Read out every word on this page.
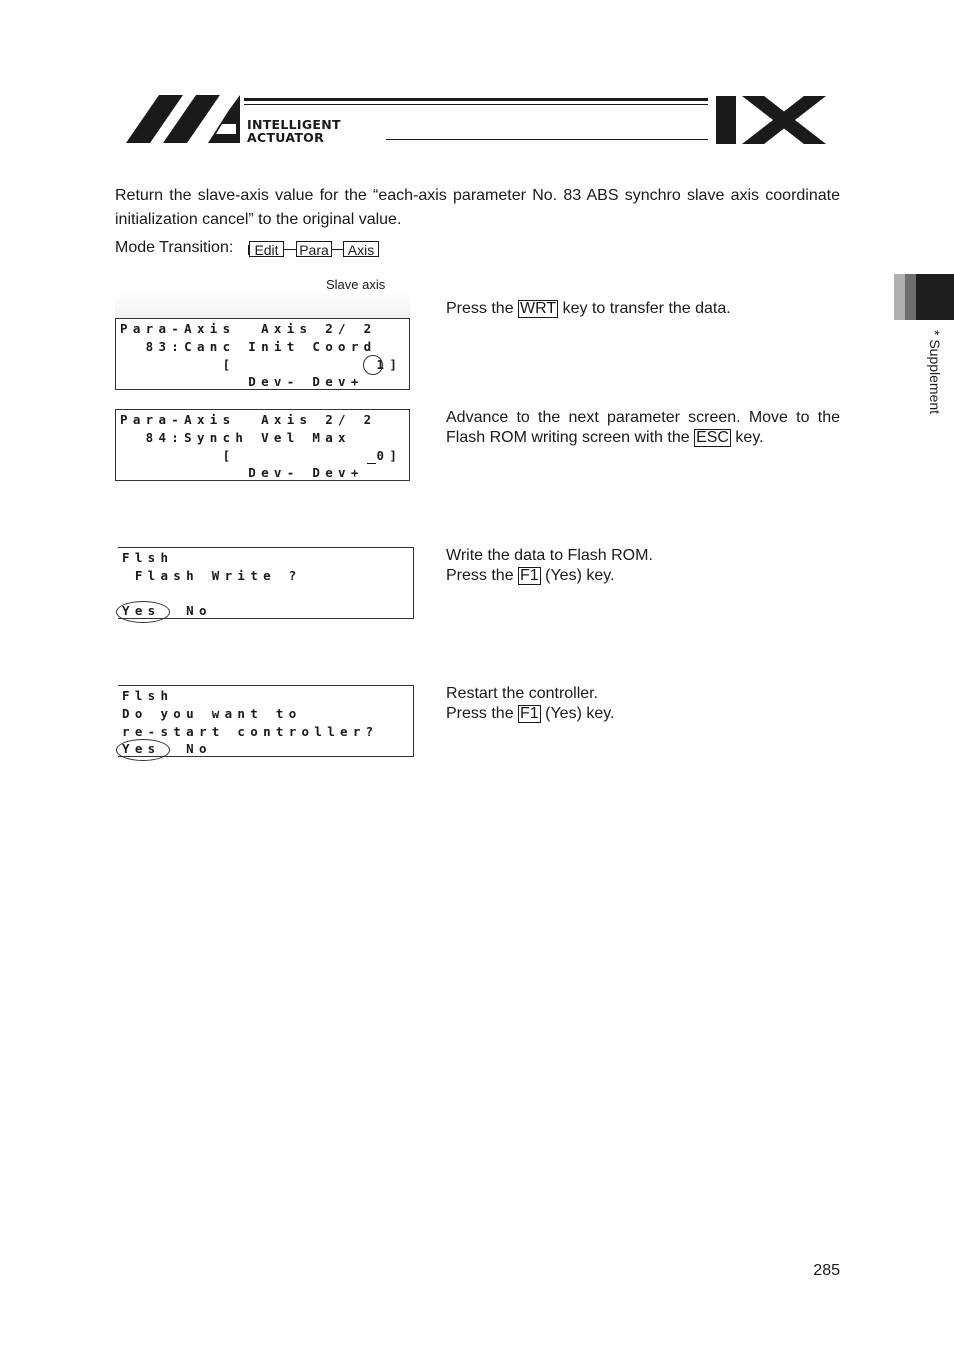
INTELLIGENT
ACTUATOR
Return the slave-axis value for the “each-axis parameter No. 83 ABS synchro slave axis coordinate initialization cancel” to the original value.
Mode Transition:	Edit	Para	Axis
* Supplement
Slave axis
Para-Axis  Axis 2/ 2
83:Canc Init Coord
[           1]
Dev- Dev+
Press the WRT key to transfer the data.
Para-Axis  Axis 2/ 2
84:Synch Vel Max
[           0]
Dev- Dev+
Advance to the next parameter screen. Move to the Flash ROM writing screen with the ESC key.
Flsh
Flash Write ?
Yes  No
Write the data to Flash ROM.
Press the F1 (Yes) key.
Flsh
Do you want to
re-start controller?
Yes  No
Restart the controller.
Press the F1 (Yes) key.
285
